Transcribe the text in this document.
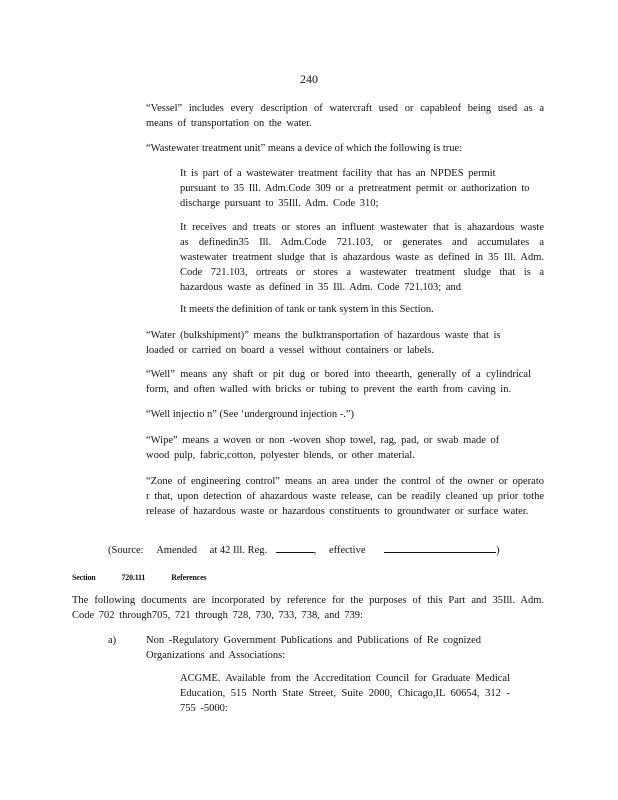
240

“Vessel” includes every description of watercraft used or capableof being used as a means of transportation on the water.

“Wastewater treatment unit” means a device of which the following is true:

It is part of a wastewater treatment facility that has an NPDES permit pursuant to 35 Ill. Adm.Code 309 or a pretreatment permit or authorization to discharge pursuant to 35Ill. Adm. Code 310;

It receives and treats or stores an influent wastewater that is ahazardous waste as definedin35 Ill. Adm.Code 721.103, or generates and accumulates a wastewater treatment sludge that is ahazardous waste as defined in 35 Ill. Adm. Code 721.103, ortreats or stores a wastewater treatment sludge that is a hazardous waste as defined in 35 Ill. Adm. Code 721.103; and

It meets the definition of tank or tank system in this Section.

“Water (bulkshipment)” means the bulktransportation of hazardous waste that is loaded or carried on board a vessel without containers or labels.

“Well” means any shaft or pit dug or bored into theearth, generally of a cylindrical form, and often walled with bricks or tubing to prevent the earth from caving in.

“Well injectio n” (See ‘underground injection -.”)

“Wipe” means a woven or non -woven shop towel, rag, pad, or swab made of wood pulp, fabric,cotton, polyester blends, or other material.

“Zone of engineering control” means an area under the control of the owner or operato r that, upon detection of ahazardous waste release, can be readily cleaned up prior tothe release of hazardous waste or hazardous constituents to groundwater or surface water.

(Source: Amended at 42 Ill. Reg.	, effective	)
Section	720.111	References

The following documents are incorporated by reference for the purposes of this Part and 35Ill. Adm. Code 702 through705, 721 through 728, 730, 733, 738, and 739:

a)	Non -Regulatory Government Publications and Publications of Re cognized Organizations and Associations:

ACGME. Available from the Accreditation Council for Graduate Medical Education, 515 North State Street, Suite 2000, Chicago,IL 60654, 312 - 755 -5000:
